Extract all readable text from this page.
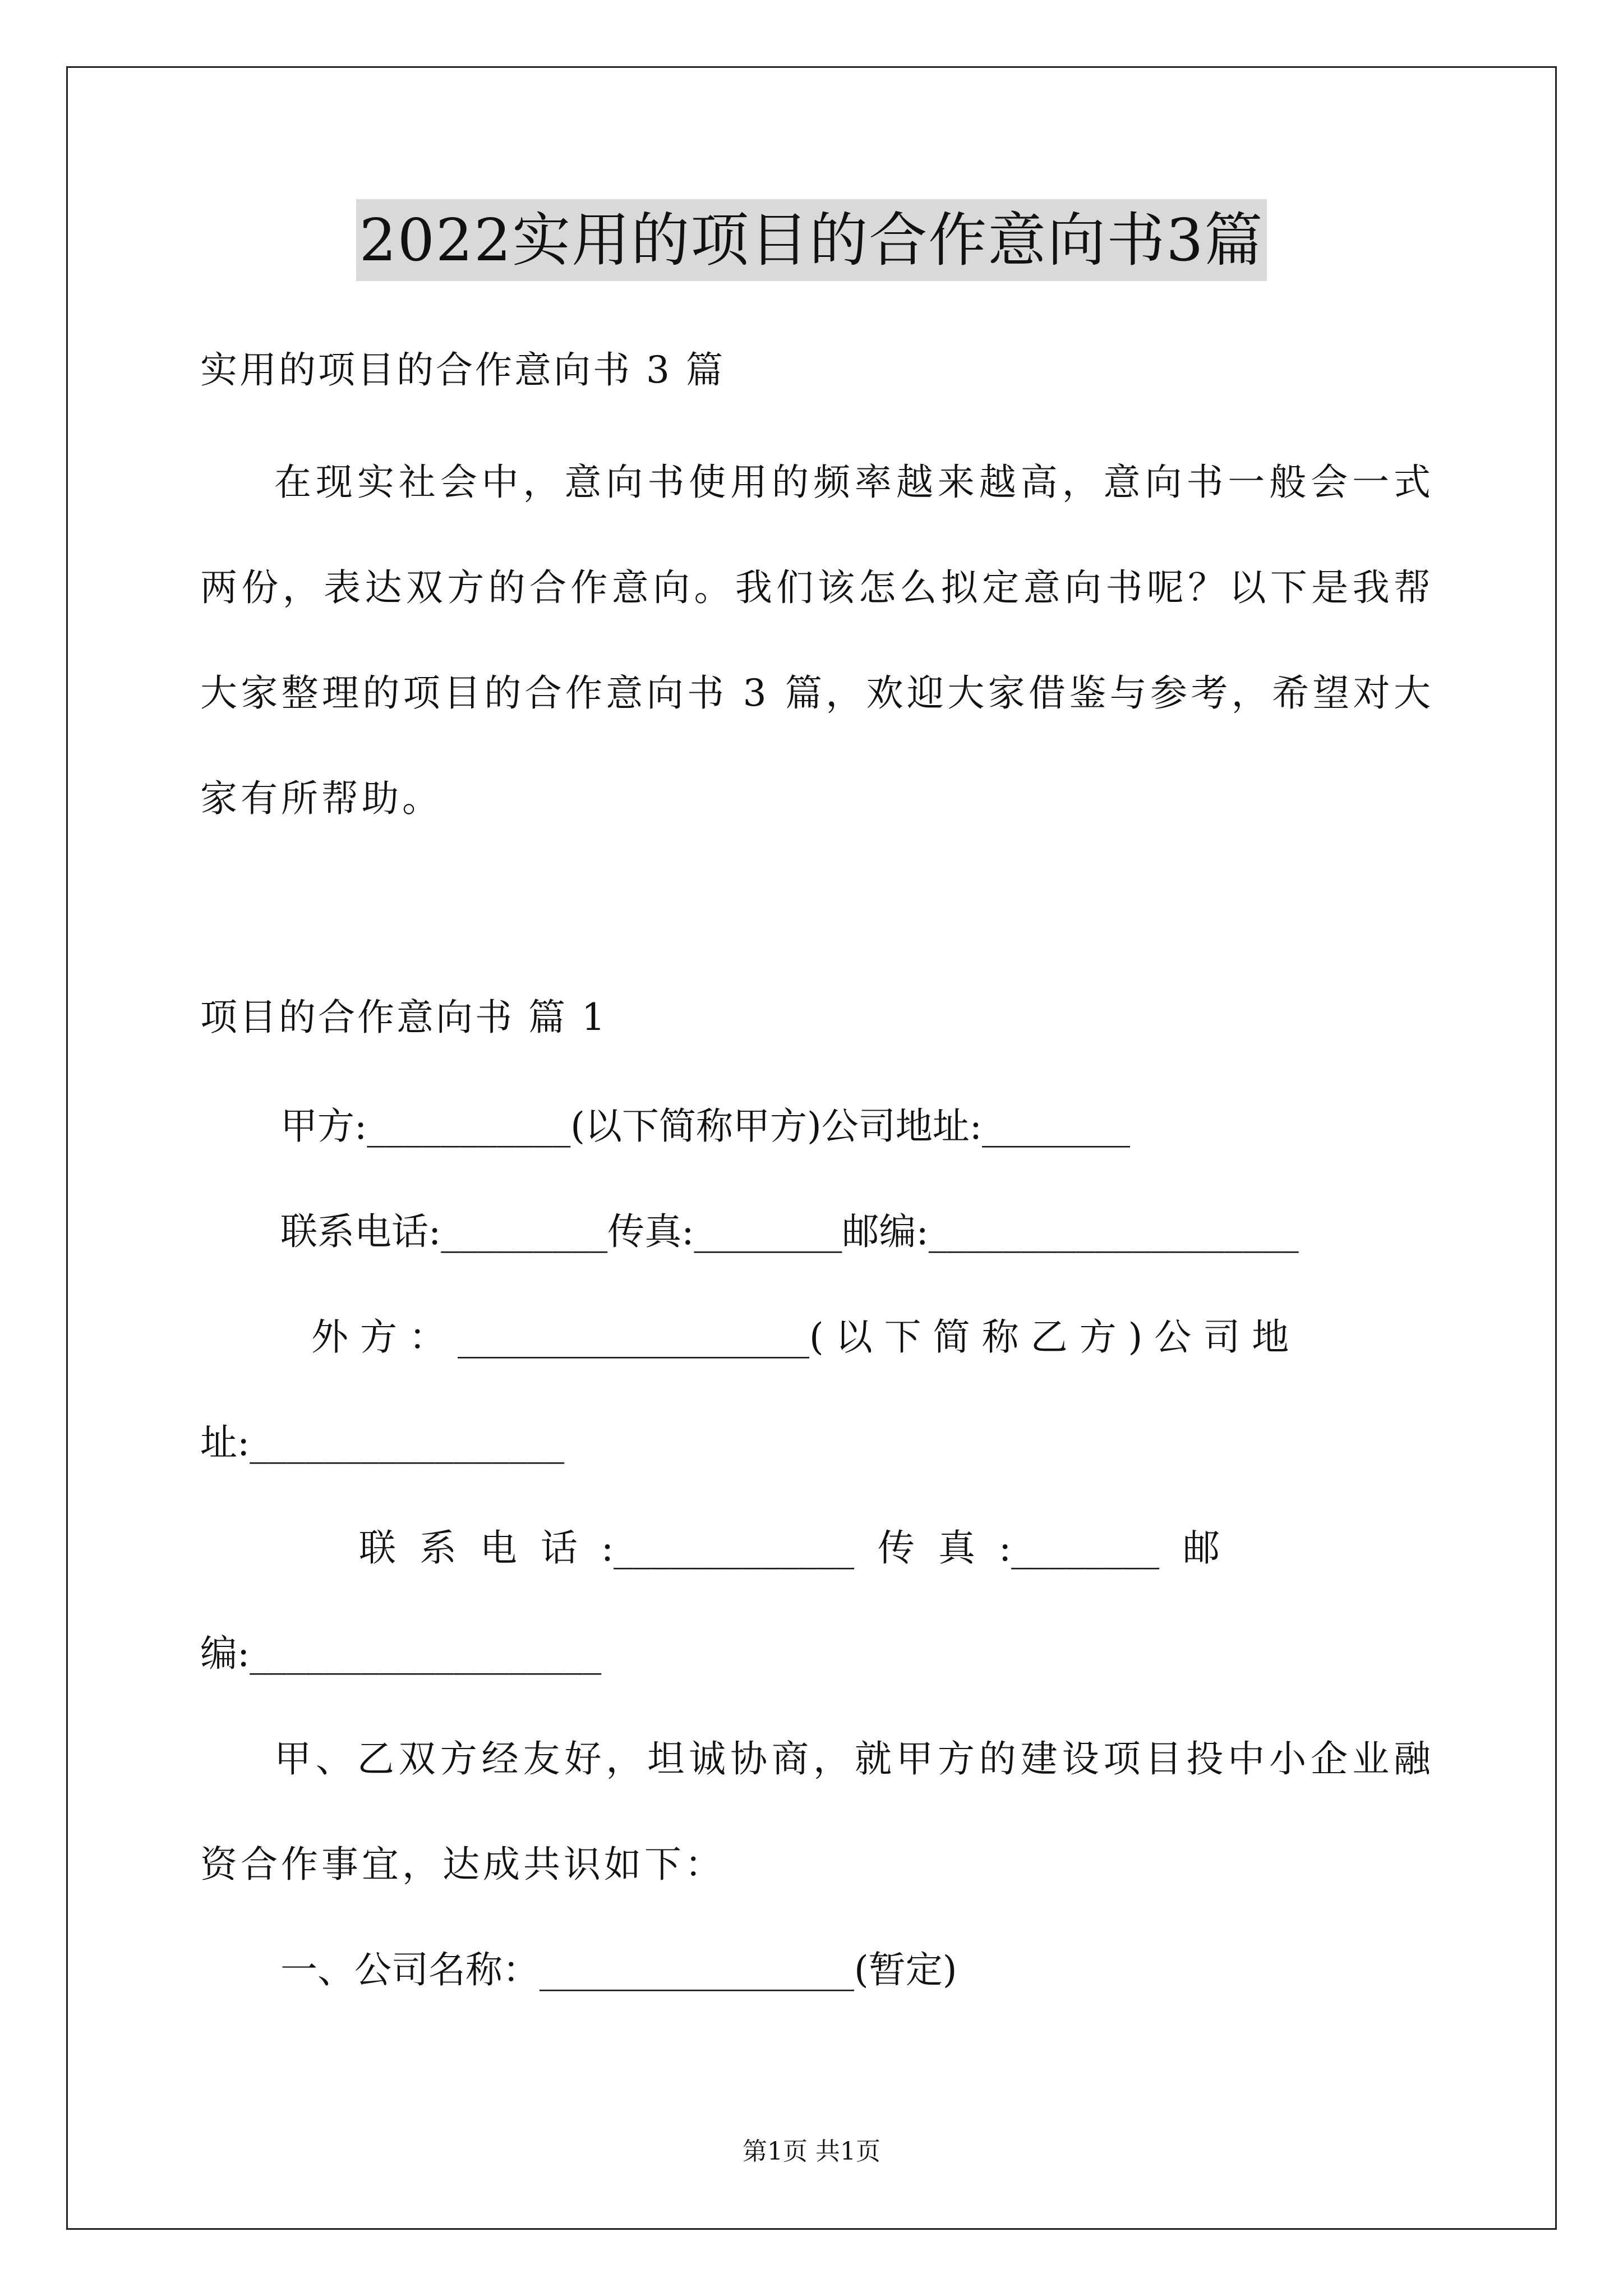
2022实用的项目的合作意向书3篇
实用的项目的合作意向书 3 篇
在现实社会中，意向书使用的频率越来越高，意向书一般会一式两份，表达双方的合作意向。我们该怎么拟定意向书呢？以下是我帮大家整理的项目的合作意向书 3 篇，欢迎大家借鉴与参考，希望对大家有所帮助。
项目的合作意向书 篇 1
甲方:___________(以下简称甲方)公司地址:________
联系电话:_________传真:________邮编:____________________
外 方 ： ___________________( 以 下 简 称 乙 方 ) 公 司 地
址:_________________
联  系  电  话  :_____________  传  真  :________  邮
编:___________________
甲、乙双方经友好，坦诚协商，就甲方的建设项目投中小企业融资合作事宜，达成共识如下：
一、公司名称：_________________(暂定)
第1页 共1页
